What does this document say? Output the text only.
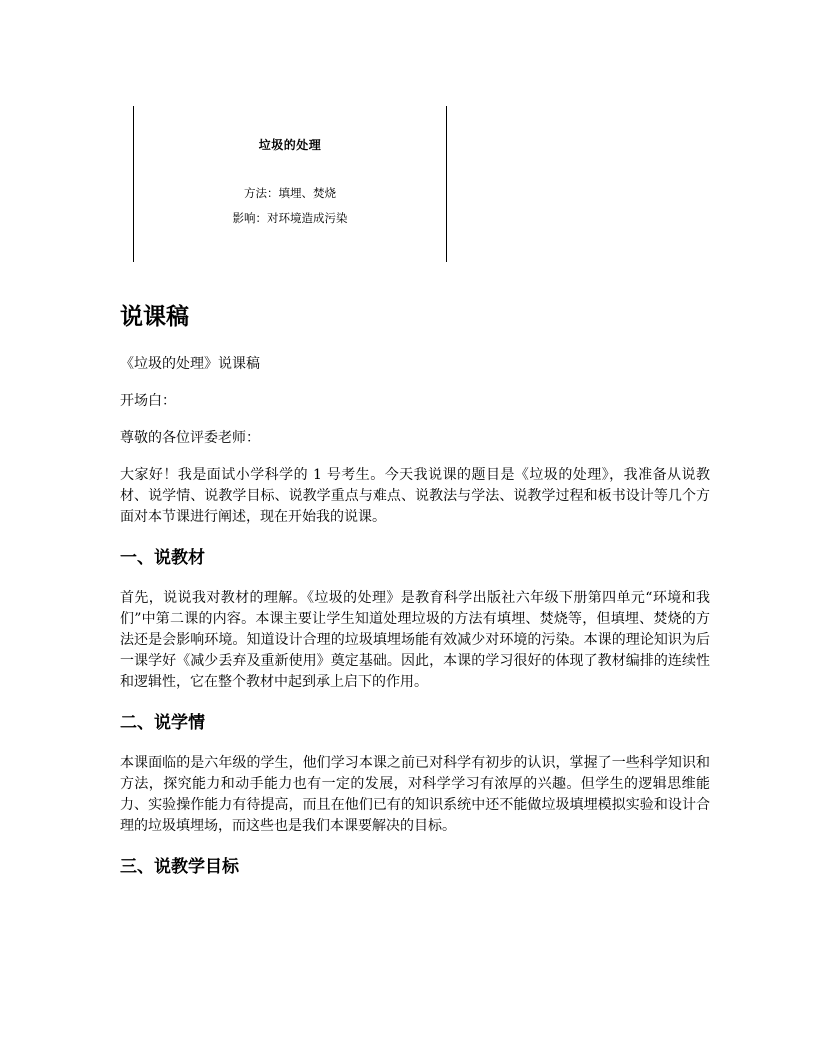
垃圾的处理
方法：填埋、焚烧
影响：对环境造成污染
说课稿

《垃圾的处理》说课稿

开场白：

尊敬的各位评委老师：

大家好！我是面试小学科学的 1 号考生。今天我说课的题目是《垃圾的处理》，我准备从说教材、说学情、说教学目标、说教学重点与难点、说教法与学法、说教学过程和板书设计等几个方面对本节课进行阐述，现在开始我的说课。

一、说教材

首先，说说我对教材的理解。《垃圾的处理》是教育科学出版社六年级下册第四单元“环境和我们”中第二课的内容。本课主要让学生知道处理垃圾的方法有填埋、焚烧等，但填埋、焚烧的方法还是会影响环境。知道设计合理的垃圾填埋场能有效减少对环境的污染。本课的理论知识为后一课学好《减少丢弃及重新使用》奠定基础。因此，本课的学习很好的体现了教材编排的连续性和逻辑性，它在整个教材中起到承上启下的作用。

二、说学情

本课面临的是六年级的学生，他们学习本课之前已对科学有初步的认识，掌握了一些科学知识和方法，探究能力和动手能力也有一定的发展，对科学学习有浓厚的兴趣。但学生的逻辑思维能力、实验操作能力有待提高，而且在他们已有的知识系统中还不能做垃圾填埋模拟实验和设计合理的垃圾填埋场，而这些也是我们本课要解决的目标。

三、说教学目标
